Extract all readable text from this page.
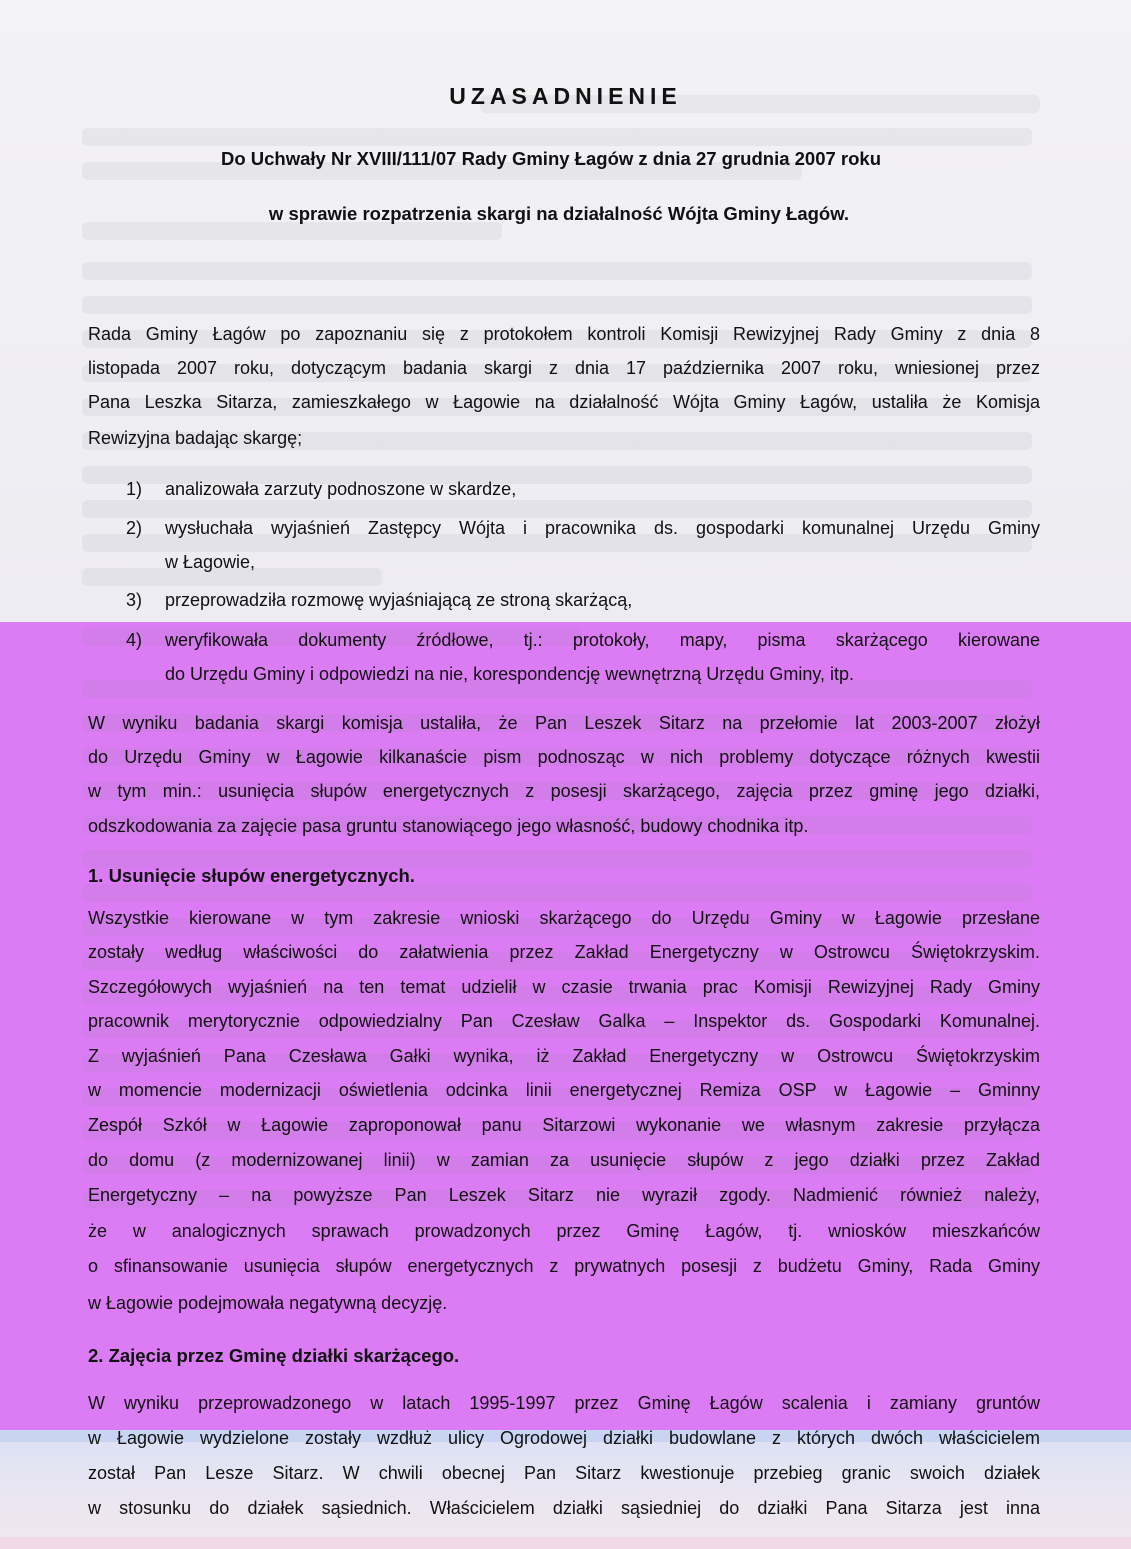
UZASADNIENIE
Do Uchwały Nr XVIII/111/07 Rady Gminy Łagów z dnia 27 grudnia 2007 roku
w sprawie rozpatrzenia skargi na działalność Wójta Gminy Łagów.
Rada Gminy Łagów po zapoznaniu się z protokołem kontroli Komisji Rewizyjnej Rady Gminy z dnia 8
listopada 2007 roku, dotyczącym badania skargi z dnia 17 października 2007 roku, wniesionej przez
Pana Leszka Sitarza, zamieszkałego w Łagowie na działalność Wójta Gminy Łagów, ustaliła że Komisja
Rewizyjna badając skargę;
1) analizowała zarzuty podnoszone w skardze,
2) wysłuchała wyjaśnień Zastępcy Wójta i pracownika ds. gospodarki komunalnej Urzędu Gminy
w Łagowie,
3) przeprowadziła rozmowę wyjaśniającą ze stroną skarżącą,
4) weryfikowała dokumenty źródłowe, tj.: protokoły, mapy, pisma skarżącego kierowane
do Urzędu Gminy i odpowiedzi na nie, korespondencję wewnętrzną Urzędu Gminy, itp.
W wyniku badania skargi komisja ustaliła, że Pan Leszek Sitarz na przełomie lat 2003-2007 złożył
do Urzędu Gminy w Łagowie kilkanaście pism podnosząc w nich problemy dotyczące różnych kwestii
w tym min.: usunięcia słupów energetycznych z posesji skarżącego, zajęcia przez gminę jego działki,
odszkodowania za zajęcie pasa gruntu stanowiącego jego własność, budowy chodnika itp.
1. Usunięcie słupów energetycznych.
Wszystkie kierowane w tym zakresie wnioski skarżącego do Urzędu Gminy w Łagowie przesłane
zostały według właściwości do załatwienia przez Zakład Energetyczny w Ostrowcu Świętokrzyskim.
Szczegółowych wyjaśnień na ten temat udzielił w czasie trwania prac Komisji Rewizyjnej Rady Gminy
pracownik merytorycznie odpowiedzialny Pan Czesław Galka – Inspektor ds. Gospodarki Komunalnej.
Z wyjaśnień Pana Czesława Gałki wynika, iż Zakład Energetyczny w Ostrowcu Świętokrzyskim
w momencie modernizacji oświetlenia odcinka linii energetycznej Remiza OSP w Łagowie – Gminny
Zespół Szkół w Łagowie zaproponował panu Sitarzowi wykonanie we własnym zakresie przyłącza
do domu (z modernizowanej linii) w zamian za usunięcie słupów z jego działki przez Zakład
Energetyczny – na powyższe Pan Leszek Sitarz nie wyraził zgody. Nadmienić również należy,
że w analogicznych sprawach prowadzonych przez Gminę Łagów, tj. wniosków mieszkańców
o sfinansowanie usunięcia słupów energetycznych z prywatnych posesji z budżetu Gminy, Rada Gminy
w Łagowie podejmowała negatywną decyzję.
2. Zajęcia przez Gminę działki skarżącego.
W wyniku przeprowadzonego w latach 1995-1997 przez Gminę Łagów scalenia i zamiany gruntów
w Łagowie wydzielone zostały wzdłuż ulicy Ogrodowej działki budowlane z których dwóch właścicielem
został Pan Lesze Sitarz. W chwili obecnej Pan Sitarz kwestionuje przebieg granic swoich działek
w stosunku do działek sąsiednich. Właścicielem działki sąsiedniej do działki Pana Sitarza jest inna
